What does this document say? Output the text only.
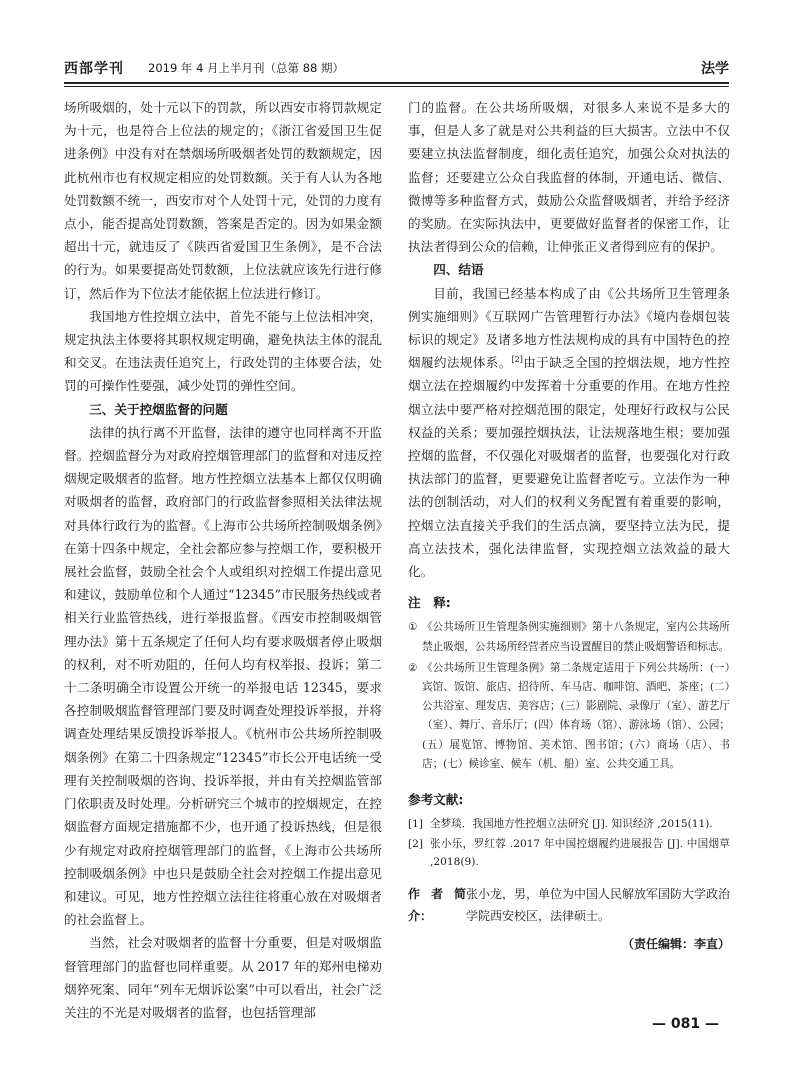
西部学刊 2019 年 4 月上半月刊（总第 88 期）	法学

场所吸烟的，处十元以下的罚款，所以西安市将罚款规定为十元，也是符合上位法的规定的；《浙江省爱国卫生促进条例》中没有对在禁烟场所吸烟者处罚的数额规定，因此杭州市也有权规定相应的处罚数额。关于有人认为各地处罚数额不统一，西安市对个人处罚十元，处罚的力度有点小，能否提高处罚数额，答案是否定的。因为如果金额超出十元，就违反了《陕西省爱国卫生条例》，是不合法的行为。如果要提高处罚数额，上位法就应该先行进行修订，然后作为下位法才能依据上位法进行修订。

我国地方性控烟立法中，首先不能与上位法相冲突，规定执法主体要将其职权规定明确，避免执法主体的混乱和交叉。在违法责任追究上，行政处罚的主体要合法，处罚的可操作性要强，减少处罚的弹性空间。

三、关于控烟监督的问题

法律的执行离不开监督，法律的遵守也同样离不开监督。控烟监督分为对政府控烟管理部门的监督和对违反控烟规定吸烟者的监督。地方性控烟立法基本上都仅仅明确对吸烟者的监督，政府部门的行政监督参照相关法律法规对具体行政行为的监督。《上海市公共场所控制吸烟条例》在第十四条中规定，全社会都应参与控烟工作，要积极开展社会监督，鼓励全社会个人或组织对控烟工作提出意见和建议，鼓励单位和个人通过“12345”市民服务热线或者相关行业监管热线，进行举报监督。《西安市控制吸烟管理办法》第十五条规定了任何人均有要求吸烟者停止吸烟的权利，对不听劝阻的，任何人均有权举报、投诉；第二十二条明确全市设置公开统一的举报电话 12345，要求各控制吸烟监督管理部门要及时调查处理投诉举报，并将调查处理结果反馈投诉举报人。《杭州市公共场所控制吸烟条例》在第二十四条规定“12345”市长公开电话统一受理有关控制吸烟的咨询、投诉举报，并由有关控烟监管部门依职责及时处理。分析研究三个城市的控烟规定，在控烟监督方面规定措施都不少，也开通了投诉热线，但是很少有规定对政府控烟管理部门的监督，《上海市公共场所控制吸烟条例》中也只是鼓励全社会对控烟工作提出意见和建议。可见，地方性控烟立法往往将重心放在对吸烟者的社会监督上。

当然，社会对吸烟者的监督十分重要，但是对吸烟监督管理部门的监督也同样重要。从 2017 年的郑州电梯劝烟猝死案、同年“列车无烟诉讼案”中可以看出，社会广泛关注的不光是对吸烟者的监督，也包括管理部

门的监督。在公共场所吸烟，对很多人来说不是多大的事，但是人多了就是对公共利益的巨大损害。立法中不仅要建立执法监督制度，细化责任追究，加强公众对执法的监督；还要建立公众自我监督的体制，开通电话、微信、微博等多种监督方式，鼓励公众监督吸烟者，并给予经济的奖励。在实际执法中，更要做好监督者的保密工作，让执法者得到公众的信赖，让伸张正义者得到应有的保护。

四、结语

目前，我国已经基本构成了由《公共场所卫生管理条例实施细则》《互联网广告管理暂行办法》《境内卷烟包装标识的规定》及诸多地方性法规构成的具有中国特色的控烟履约法规体系。[2]由于缺乏全国的控烟法规，地方性控烟立法在控烟履约中发挥着十分重要的作用。在地方性控烟立法中要严格对控烟范围的限定，处理好行政权与公民权益的关系；要加强控烟执法，让法规落地生根；要加强控烟的监督，不仅强化对吸烟者的监督，也要强化对行政执法部门的监督，更要避免让监督者吃亏。立法作为一种法的创制活动，对人们的权利义务配置有着重要的影响，控烟立法直接关乎我们的生活点滴，要坚持立法为民，提高立法技术，强化法律监督，实现控烟立法效益的最大化。

注　释:
① 《公共场所卫生管理条例实施细则》第十八条规定，室内公共场所禁止吸烟，公共场所经营者应当设置醒目的禁止吸烟警语和标志。
② 《公共场所卫生管理条例》第二条规定适用于下列公共场所：(一）宾馆、饭馆、旅店、招待所、车马店、咖啡馆、酒吧、茶座；(二）公共浴室、理发店、美容店；(三）影剧院、录像厅（室）、游艺厅（室）、舞厅、音乐厅；(四）体育场（馆）、游泳场（馆）、公园；(五）展览馆、博物馆、美术馆、图书馆；(六）商场（店）、书店；(七）候诊室、候车（机、船）室、公共交通工具。
参考文献:
[1] 全梦琰．我国地方性控烟立法研究 [J]. 知识经济 ,2015(11).
[2] 张小乐，罗红蓉 .2017 年中国控烟履约进展报告 [J]. 中国烟草 ,2018(9).
作者简介：
张小龙，男，单位为中国人民解放军国防大学政治学院西安校区，法律硕士。
（责任编辑：李直）
— 081 —
